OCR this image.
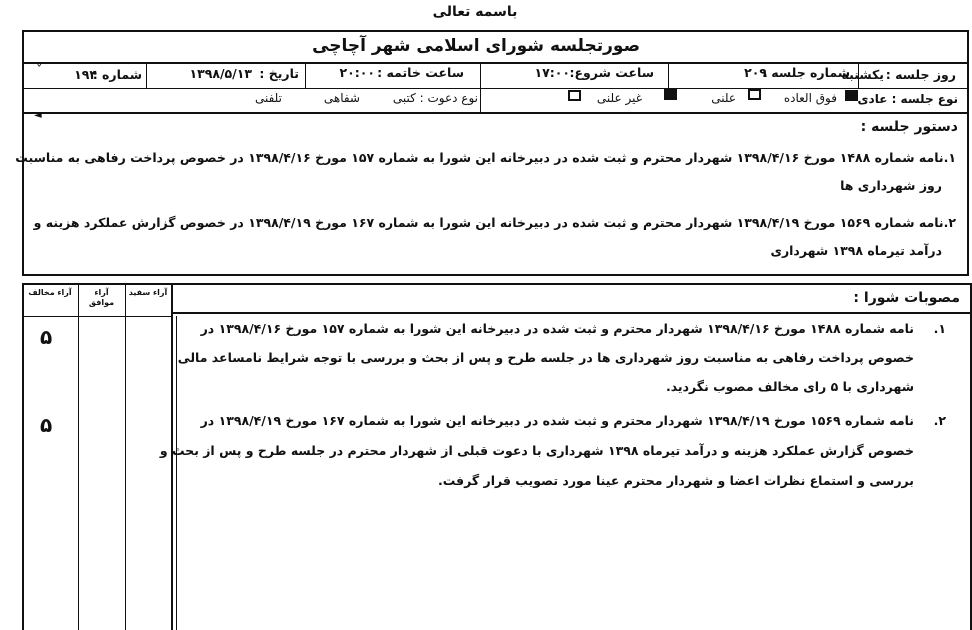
باسمه تعالی
صورتجلسه شورای اسلامی شهر آچاچی
روز جلسه :
یکشنبه
شماره جلسه :
۲۰۹
ساعت شروع:
۱۷:۰۰
ساعت خاتمه :
۲۰:۰۰
تاریخ :
۱۳۹۸/۵/۱۳
شماره :
۱۹۴
ˇ
نوع جلسه : عادی
فوق العاده
علنی
غیر علنی
نوع دعوت : کتبی
شفاهی
تلفنی
◄
دستور جلسه :
۱.نامه شماره ۱۴۸۸ مورخ ۱۳۹۸/۴/۱۶ شهردار محترم و ثبت شده در دبیرخانه این شورا به شماره ۱۵۷ مورخ ۱۳۹۸/۴/۱۶ در خصوص پرداخت رفاهی به مناسبت
روز شهرداری ها
۲.نامه شماره ۱۵۶۹ مورخ ۱۳۹۸/۴/۱۹ شهردار محترم و ثبت شده در دبیرخانه این شورا به شماره ۱۶۷ مورخ ۱۳۹۸/۴/۱۹ در خصوص گزارش عملکرد هزینه و
درآمد تیرماه ۱۳۹۸ شهرداری
آراء مخالف	آراء موافق
آراء سفید	مصوبات شورا :
۱.
نامه شماره ۱۴۸۸ مورخ ۱۳۹۸/۴/۱۶ شهردار محترم و ثبت شده در دبیرخانه این شورا به شماره ۱۵۷ مورخ ۱۳۹۸/۴/۱۶ در
خصوص پرداخت رفاهی به مناسبت روز شهرداری ها در جلسه طرح و پس از بحث و بررسی با توجه شرایط نامساعد مالی
شهرداری با ۵ رای مخالف مصوب نگردید.
۵
۲.
نامه شماره ۱۵۶۹ مورخ ۱۳۹۸/۴/۱۹ شهردار محترم و ثبت شده در دبیرخانه این شورا به شماره ۱۶۷ مورخ ۱۳۹۸/۴/۱۹ در
خصوص گزارش عملکرد هزینه و درآمد تیرماه ۱۳۹۸ شهرداری با دعوت قبلی از شهردار محترم در جلسه طرح و پس از بحث و
بررسی و استماع نظرات اعضا و شهردار محترم عینا مورد تصویب قرار گرفت.
۵
